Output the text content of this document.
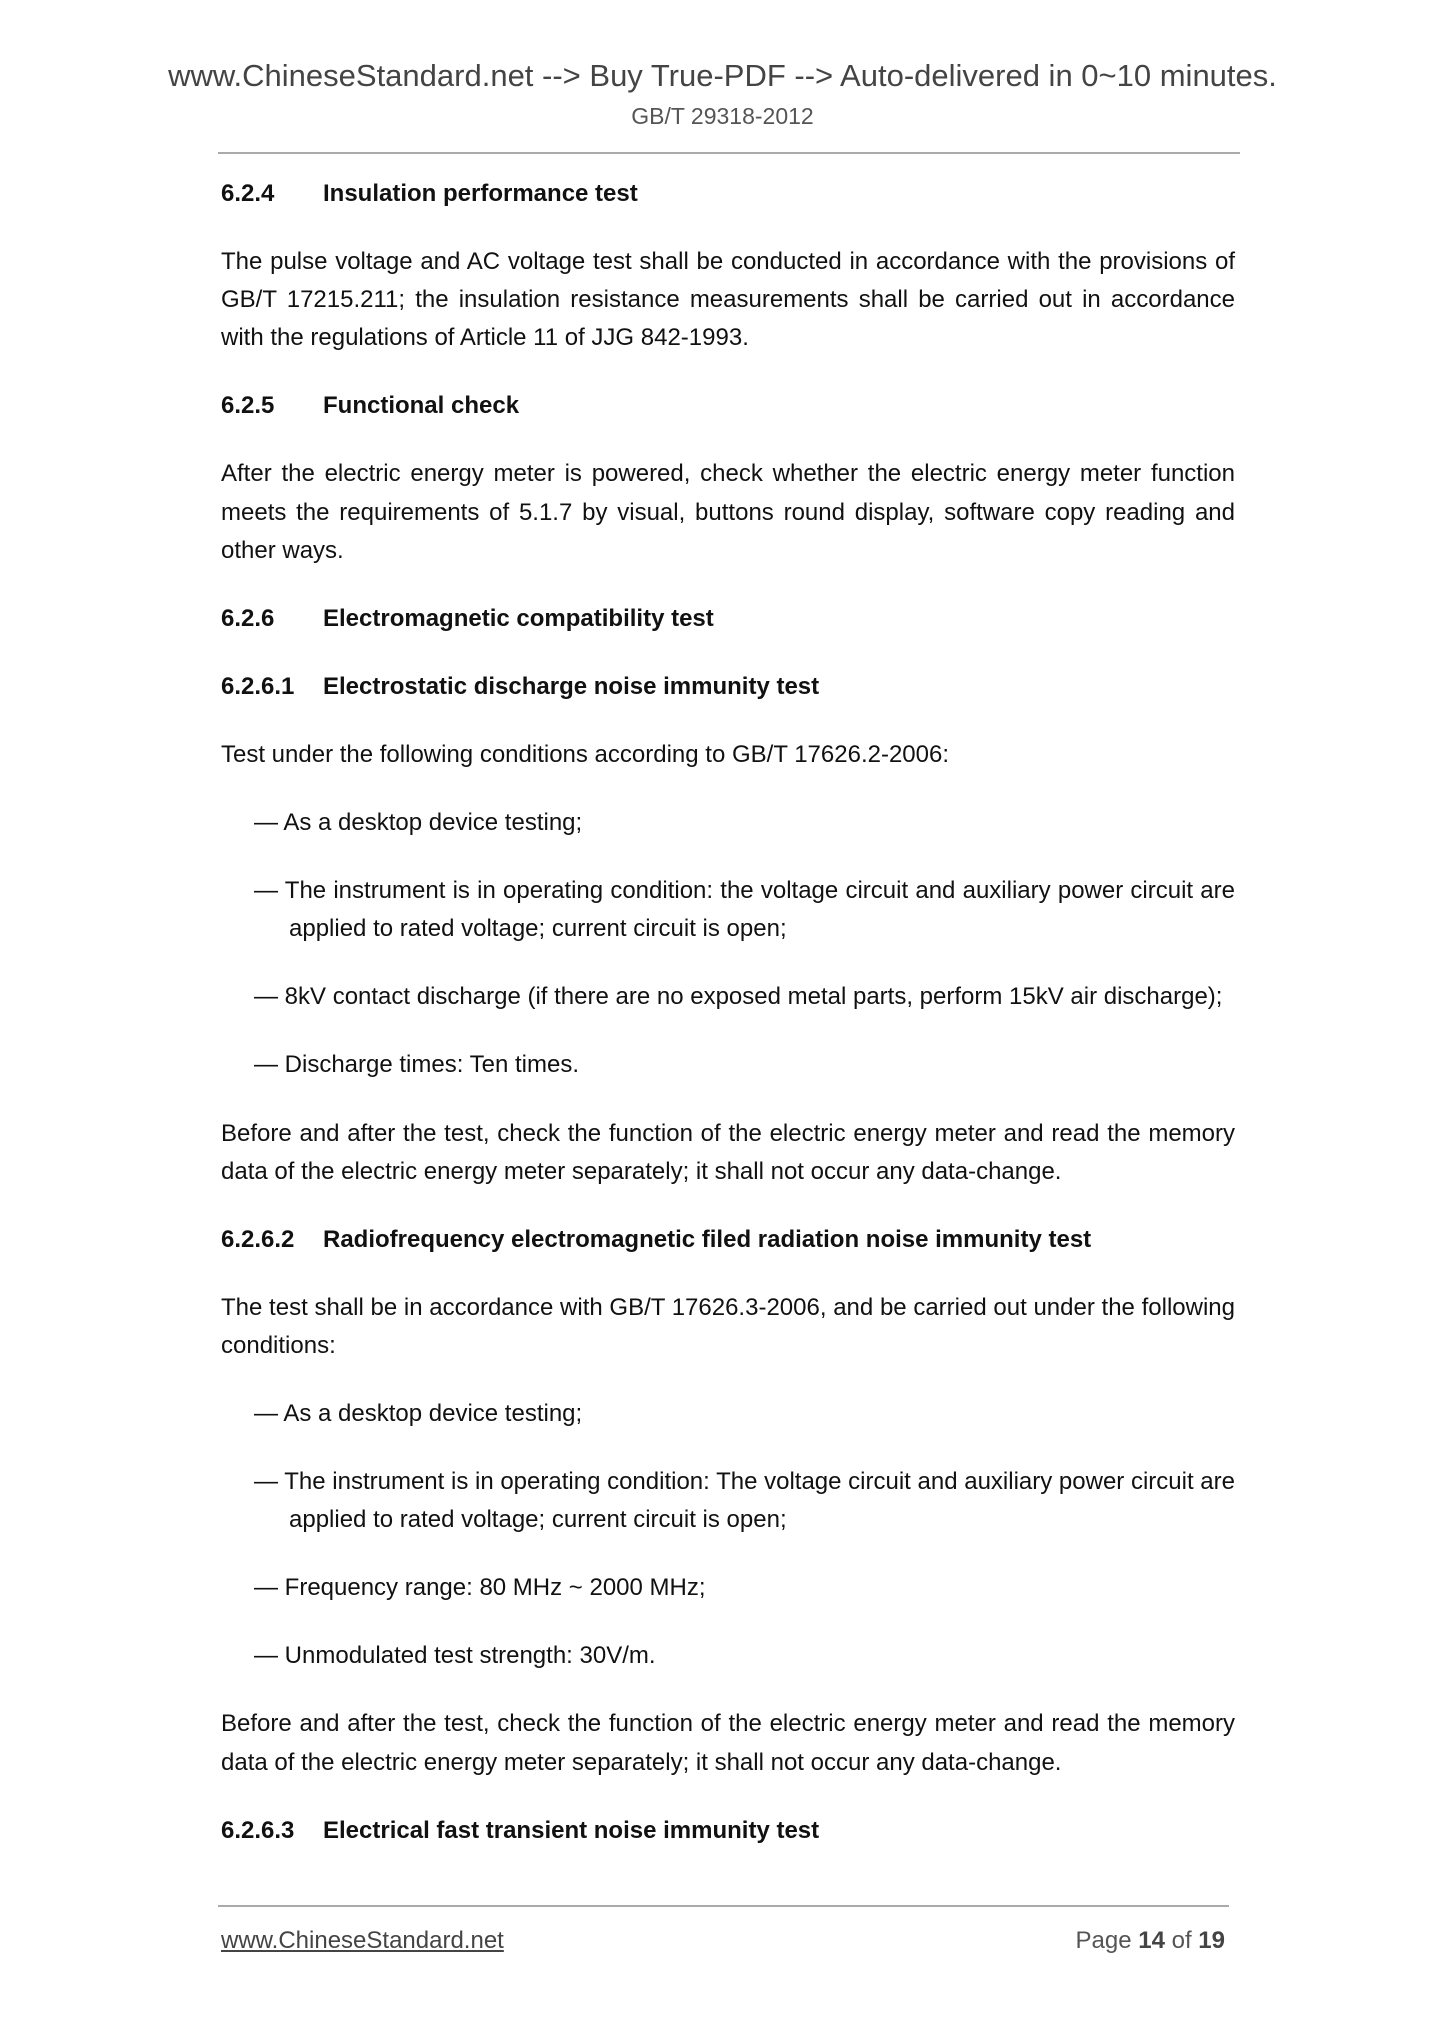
www.ChineseStandard.net --> Buy True-PDF --> Auto-delivered in 0~10 minutes.
GB/T 29318-2012
6.2.4	Insulation performance test
The pulse voltage and AC voltage test shall be conducted in accordance with the provisions of GB/T 17215.211; the insulation resistance measurements shall be carried out in accordance with the regulations of Article 11 of JJG 842-1993.
6.2.5	Functional check
After the electric energy meter is powered, check whether the electric energy meter function meets the requirements of 5.1.7 by visual, buttons round display, software copy reading and other ways.
6.2.6	Electromagnetic compatibility test
6.2.6.1	Electrostatic discharge noise immunity test
Test under the following conditions according to GB/T 17626.2-2006:
— As a desktop device testing;
— The instrument is in operating condition: the voltage circuit and auxiliary power circuit are applied to rated voltage; current circuit is open;
— 8kV contact discharge (if there are no exposed metal parts, perform 15kV air discharge);
— Discharge times: Ten times.
Before and after the test, check the function of the electric energy meter and read the memory data of the electric energy meter separately; it shall not occur any data-change.
6.2.6.2	Radiofrequency electromagnetic filed radiation noise immunity test
The test shall be in accordance with GB/T 17626.3-2006, and be carried out under the following conditions:
— As a desktop device testing;
— The instrument is in operating condition: The voltage circuit and auxiliary power circuit are applied to rated voltage; current circuit is open;
— Frequency range: 80 MHz ~ 2000 MHz;
— Unmodulated test strength: 30V/m.
Before and after the test, check the function of the electric energy meter and read the memory data of the electric energy meter separately; it shall not occur any data-change.
6.2.6.3	Electrical fast transient noise immunity test
www.ChineseStandard.net	Page 14 of 19
